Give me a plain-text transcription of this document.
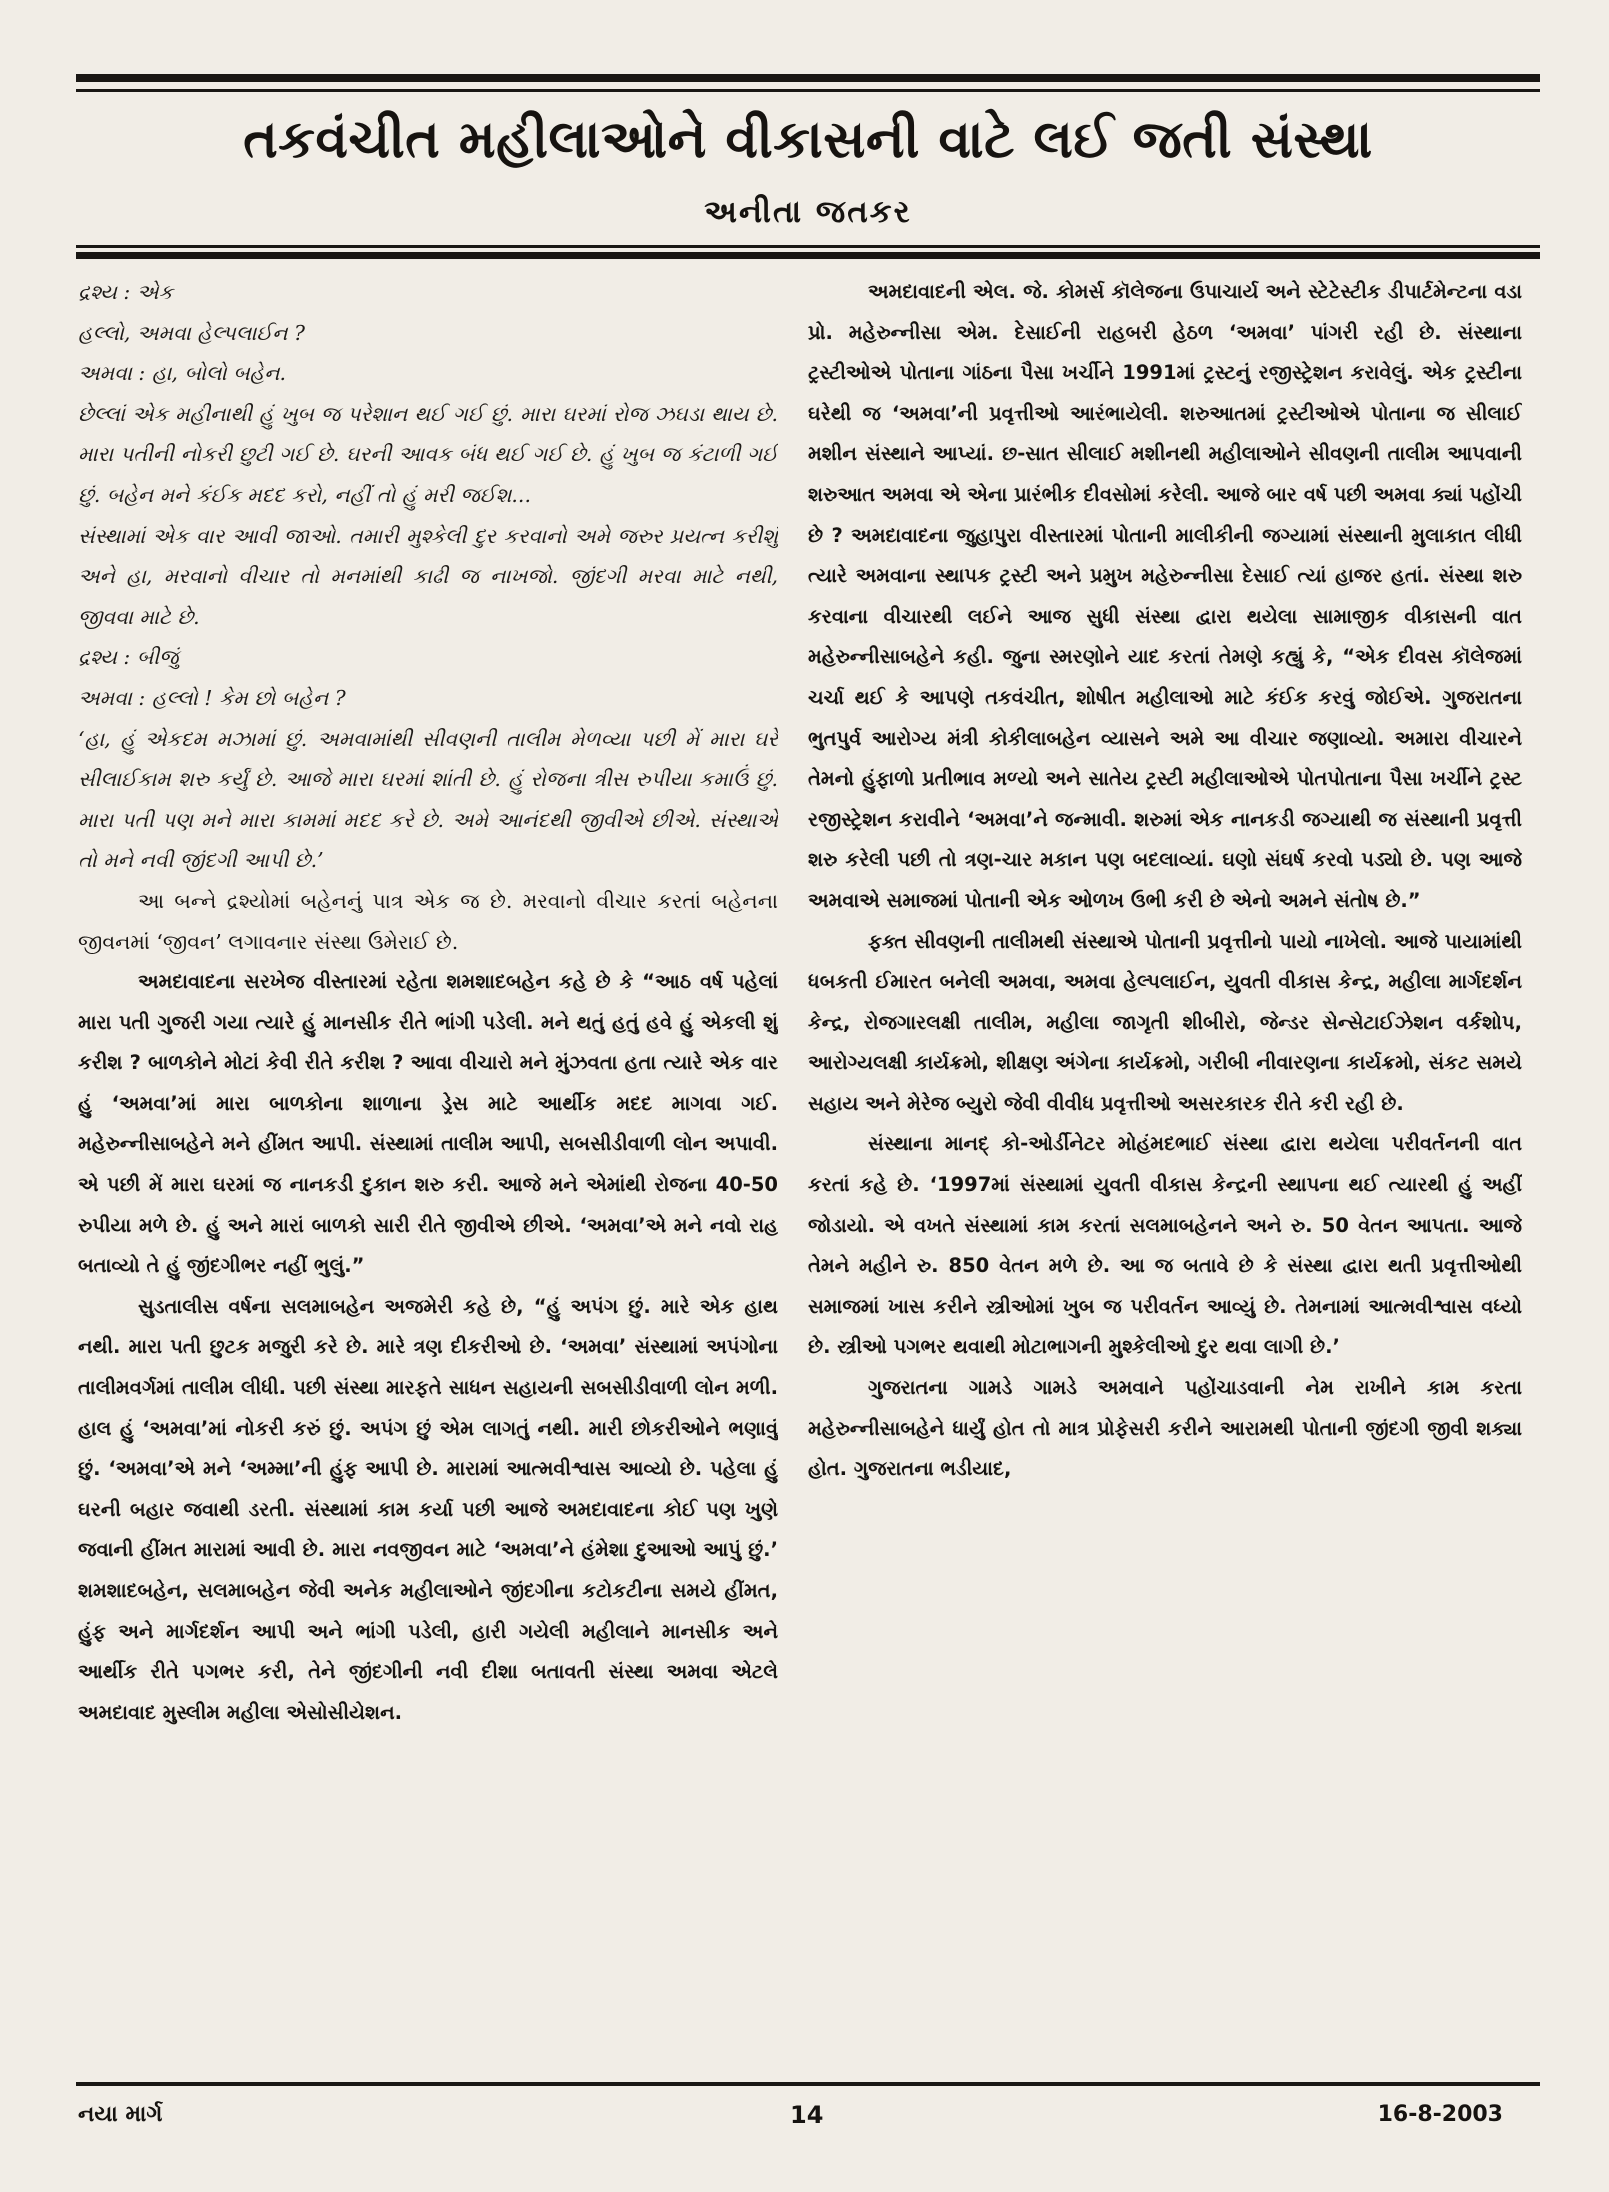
તકવંચીત મહીલાઓને વીકાસની વાટે લઈ જતી સંસ્થા
અનીતા જતકર

દ્રશ્ય : એક

હલ્લો, અમવા હેલ્પલાઈન ?

અમવા : હા, બોલો બહેન.

છેલ્લાં એક મહીનાથી હું ખુબ જ પરેશાન થઈ ગઈ છું. મારા ઘરમાં રોજ ઝઘડા થાય છે. મારા પતીની નોકરી છુટી ગઈ છે. ઘરની આવક બંધ થઈ ગઈ છે. હું ખુબ જ કંટાળી ગઈ છું. બહેન મને કંઈક મદદ કરો, નહીં તો હું મરી જઈશ...

સંસ્થામાં એક વાર આવી જાઓ. તમારી મુશ્કેલી દુર કરવાનો અમે જરુર પ્રયત્ન કરીશું અને હા, મરવાનો વીચાર તો મનમાંથી કાઢી જ નાખજો. જીંદગી મરવા માટે નથી, જીવવા માટે છે.

દ્રશ્ય : બીજું

અમવા : હલ્લો ! કેમ છો બહેન ?

‘હા, હું એકદમ મઝામાં છું. અમવામાંથી સીવણની તાલીમ મેળવ્યા પછી મેં મારા ઘરે સીલાઈકામ શરુ કર્યું છે. આજે મારા ઘરમાં શાંતી છે. હું રોજના ત્રીસ રુપીયા કમાઉં છું. મારા પતી પણ મને મારા કામમાં મદદ કરે છે. અમે આનંદથી જીવીએ છીએ. સંસ્થાએ તો મને નવી જીંદગી આપી છે.’

આ બન્ને દ્રશ્યોમાં બહેનનું પાત્ર એક જ છે. મરવાનો વીચાર કરતાં બહેનના જીવનમાં ‘જીવન’ લગાવનાર સંસ્થા ઉમેરાઈ છે.

અમદાવાદના સરખેજ વીસ્તારમાં રહેતા શમશાદબહેન કહે છે કે “આઠ વર્ષ પહેલાં મારા પતી ગુજરી ગયા ત્યારે હું માનસીક રીતે ભાંગી પડેલી. મને થતું હતું હવે હું એકલી શું કરીશ ? બાળકોને મોટાં કેવી રીતે કરીશ ? આવા વીચારો મને મુંઝવતા હતા ત્યારે એક વાર હું ‘અમવા’માં મારા બાળકોના શાળાના ડ્રેસ માટે આર્થીક મદદ માગવા ગઈ. મહેરુન્નીસાબહેને મને હીંમત આપી. સંસ્થામાં તાલીમ આપી, સબસીડીવાળી લોન અપાવી. એ પછી મેં મારા ઘરમાં જ નાનકડી દુકાન શરુ કરી. આજે મને એમાંથી રોજના 40-50 રુપીયા મળે છે. હું અને મારાં બાળકો સારી રીતે જીવીએ છીએ. ‘અમવા’એ મને નવો રાહ બતાવ્યો તે હું જીંદગીભર નહીં ભુલું.”

સુડતાલીસ વર્ષના સલમાબહેન અજમેરી કહે છે, “હું અપંગ છું. મારે એક હાથ નથી. મારા પતી છુટક મજુરી કરે છે. મારે ત્રણ દીકરીઓ છે. ‘અમવા’ સંસ્થામાં અપંગોના તાલીમવર્ગમાં તાલીમ લીધી. પછી સંસ્થા મારફતે સાધન સહાયની સબસીડીવાળી લોન મળી. હાલ હું ‘અમવા’માં નોકરી કરું છું. અપંગ છું એમ લાગતું નથી. મારી છોકરીઓને ભણાવું છું. ‘અમવા’એ મને ‘અમ્મા’ની હુંફ આપી છે. મારામાં આત્મવીશ્વાસ આવ્યો છે. પહેલા હું ઘરની બહાર જવાથી ડરતી. સંસ્થામાં કામ કર્યા પછી આજે અમદાવાદના કોઈ પણ ખુણે જવાની હીંમત મારામાં આવી છે. મારા નવજીવન માટે ‘અમવા’ને હંમેશા દુઆઓ આપું છું.’ શમશાદબહેન, સલમાબહેન જેવી અનેક મહીલાઓને જીંદગીના કટોકટીના સમયે હીંમત, હુંફ અને માર્ગદર્શન આપી અને ભાંગી પડેલી, હારી ગયેલી મહીલાને માનસીક અને આર્થીક રીતે પગભર કરી, તેને જીંદગીની નવી દીશા બતાવતી સંસ્થા અમવા એટલે અમદાવાદ મુસ્લીમ મહીલા એસોસીયેશન.

અમદાવાદની એલ. જે. કોમર્સ કૉલેજના ઉપાચાર્ય અને સ્ટેટેસ્ટીક ડીપાર્ટમેન્ટના વડા પ્રો. મહેરુન્નીસા એમ. દેસાઈની રાહબરી હેઠળ ‘અમવા’ પાંગરી રહી છે. સંસ્થાના ટ્રસ્ટીઓએ પોતાના ગાંઠના પૈસા ખર્ચીને 1991માં ટ્રસ્ટનું રજીસ્ટ્રેશન કરાવેલું. એક ટ્રસ્ટીના ઘરેથી જ ‘અમવા’ની પ્રવૃત્તીઓ આરંભાયેલી. શરુઆતમાં ટ્રસ્ટીઓએ પોતાના જ સીલાઈ મશીન સંસ્થાને આપ્યાં. છ-સાત સીલાઈ મશીનથી મહીલાઓને સીવણની તાલીમ આપવાની શરુઆત અમવા એ એના પ્રારંભીક દીવસોમાં કરેલી. આજે બાર વર્ષ પછી અમવા ક્યાં પહોંચી છે ? અમદાવાદના જુહાપુરા વીસ્તારમાં પોતાની માલીકીની જગ્યામાં સંસ્થાની મુલાકાત લીધી ત્યારે અમવાના સ્થાપક ટ્રસ્ટી અને પ્રમુખ મહેરુન્નીસા દેસાઈ ત્યાં હાજર હતાં. સંસ્થા શરુ કરવાના વીચારથી લઈને આજ સુધી સંસ્થા દ્વારા થયેલા સામાજીક વીકાસની વાત મહેરુન્નીસાબહેને કહી. જુના સ્મરણોને યાદ કરતાં તેમણે કહ્યું કે, “એક દીવસ કૉલેજમાં ચર્ચા થઈ કે આપણે તકવંચીત, શોષીત મહીલાઓ માટે કંઈક કરવું જોઈએ. ગુજરાતના ભુતપુર્વ આરોગ્ય મંત્રી કોકીલાબહેન વ્યાસને અમે આ વીચાર જણાવ્યો. અમારા વીચારને તેમનો હુંફાળો પ્રતીભાવ મળ્યો અને સાતેય ટ્રસ્ટી મહીલાઓએ પોતપોતાના પૈસા ખર્ચીને ટ્રસ્ટ રજીસ્ટ્રેશન કરાવીને ‘અમવા’ને જન્માવી. શરુમાં એક નાનકડી જગ્યાથી જ સંસ્થાની પ્રવૃત્તી શરુ કરેલી પછી તો ત્રણ-ચાર મકાન પણ બદલાવ્યાં. ઘણો સંઘર્ષ કરવો પડ્યો છે. પણ આજે અમવાએ સમાજમાં પોતાની એક ઓળખ ઉભી કરી છે એનો અમને સંતોષ છે.”

ફક્ત સીવણની તાલીમથી સંસ્થાએ પોતાની પ્રવૃત્તીનો પાયો નાખેલો. આજે પાયામાંથી ધબકતી ઈમારત બનેલી અમવા, અમવા હેલ્પલાઈન, યુવતી વીકાસ કેન્દ્ર, મહીલા માર્ગદર્શન કેન્દ્ર, રોજગારલક્ષી તાલીમ, મહીલા જાગૃતી શીબીરો, જેન્ડર સેન્સેટાઈઝેશન વર્કશોપ, આરોગ્યલક્ષી કાર્યક્રમો, શીક્ષણ અંગેના કાર્યક્રમો, ગરીબી નીવારણના કાર્યક્રમો, સંકટ સમયે સહાય અને મેરેજ બ્યુરો જેવી વીવીધ પ્રવૃત્તીઓ અસરકારક રીતે કરી રહી છે.

સંસ્થાના માનદ્ કો-ઓર્ડીનેટર મોહંમદભાઈ સંસ્થા દ્વારા થયેલા પરીવર્તનની વાત કરતાં કહે છે. ‘1997માં સંસ્થામાં યુવતી વીકાસ કેન્દ્રની સ્થાપના થઈ ત્યારથી હું અહીં જોડાયો. એ વખતે સંસ્થામાં કામ કરતાં સલમાબહેનને અને રુ. 50 વેતન આપતા. આજે તેમને મહીને રુ. 850 વેતન મળે છે. આ જ બતાવે છે કે સંસ્થા દ્વારા થતી પ્રવૃત્તીઓથી સમાજમાં ખાસ કરીને સ્ત્રીઓમાં ખુબ જ પરીવર્તન આવ્યું છે. તેમનામાં આત્મવીશ્વાસ વધ્યો છે. સ્ત્રીઓ પગભર થવાથી મોટાભાગની મુશ્કેલીઓ દુર થવા લાગી છે.’

ગુજરાતના ગામડે ગામડે અમવાને પહોંચાડવાની નેમ રાખીને કામ કરતા મહેરુન્નીસાબહેને ધાર્યું હોત તો માત્ર પ્રોફેસરી કરીને આરામથી પોતાની જીંદગી જીવી શક્યા હોત. ગુજરાતના ભડીયાદ,

નયા માર્ગ	14	16-8-2003
